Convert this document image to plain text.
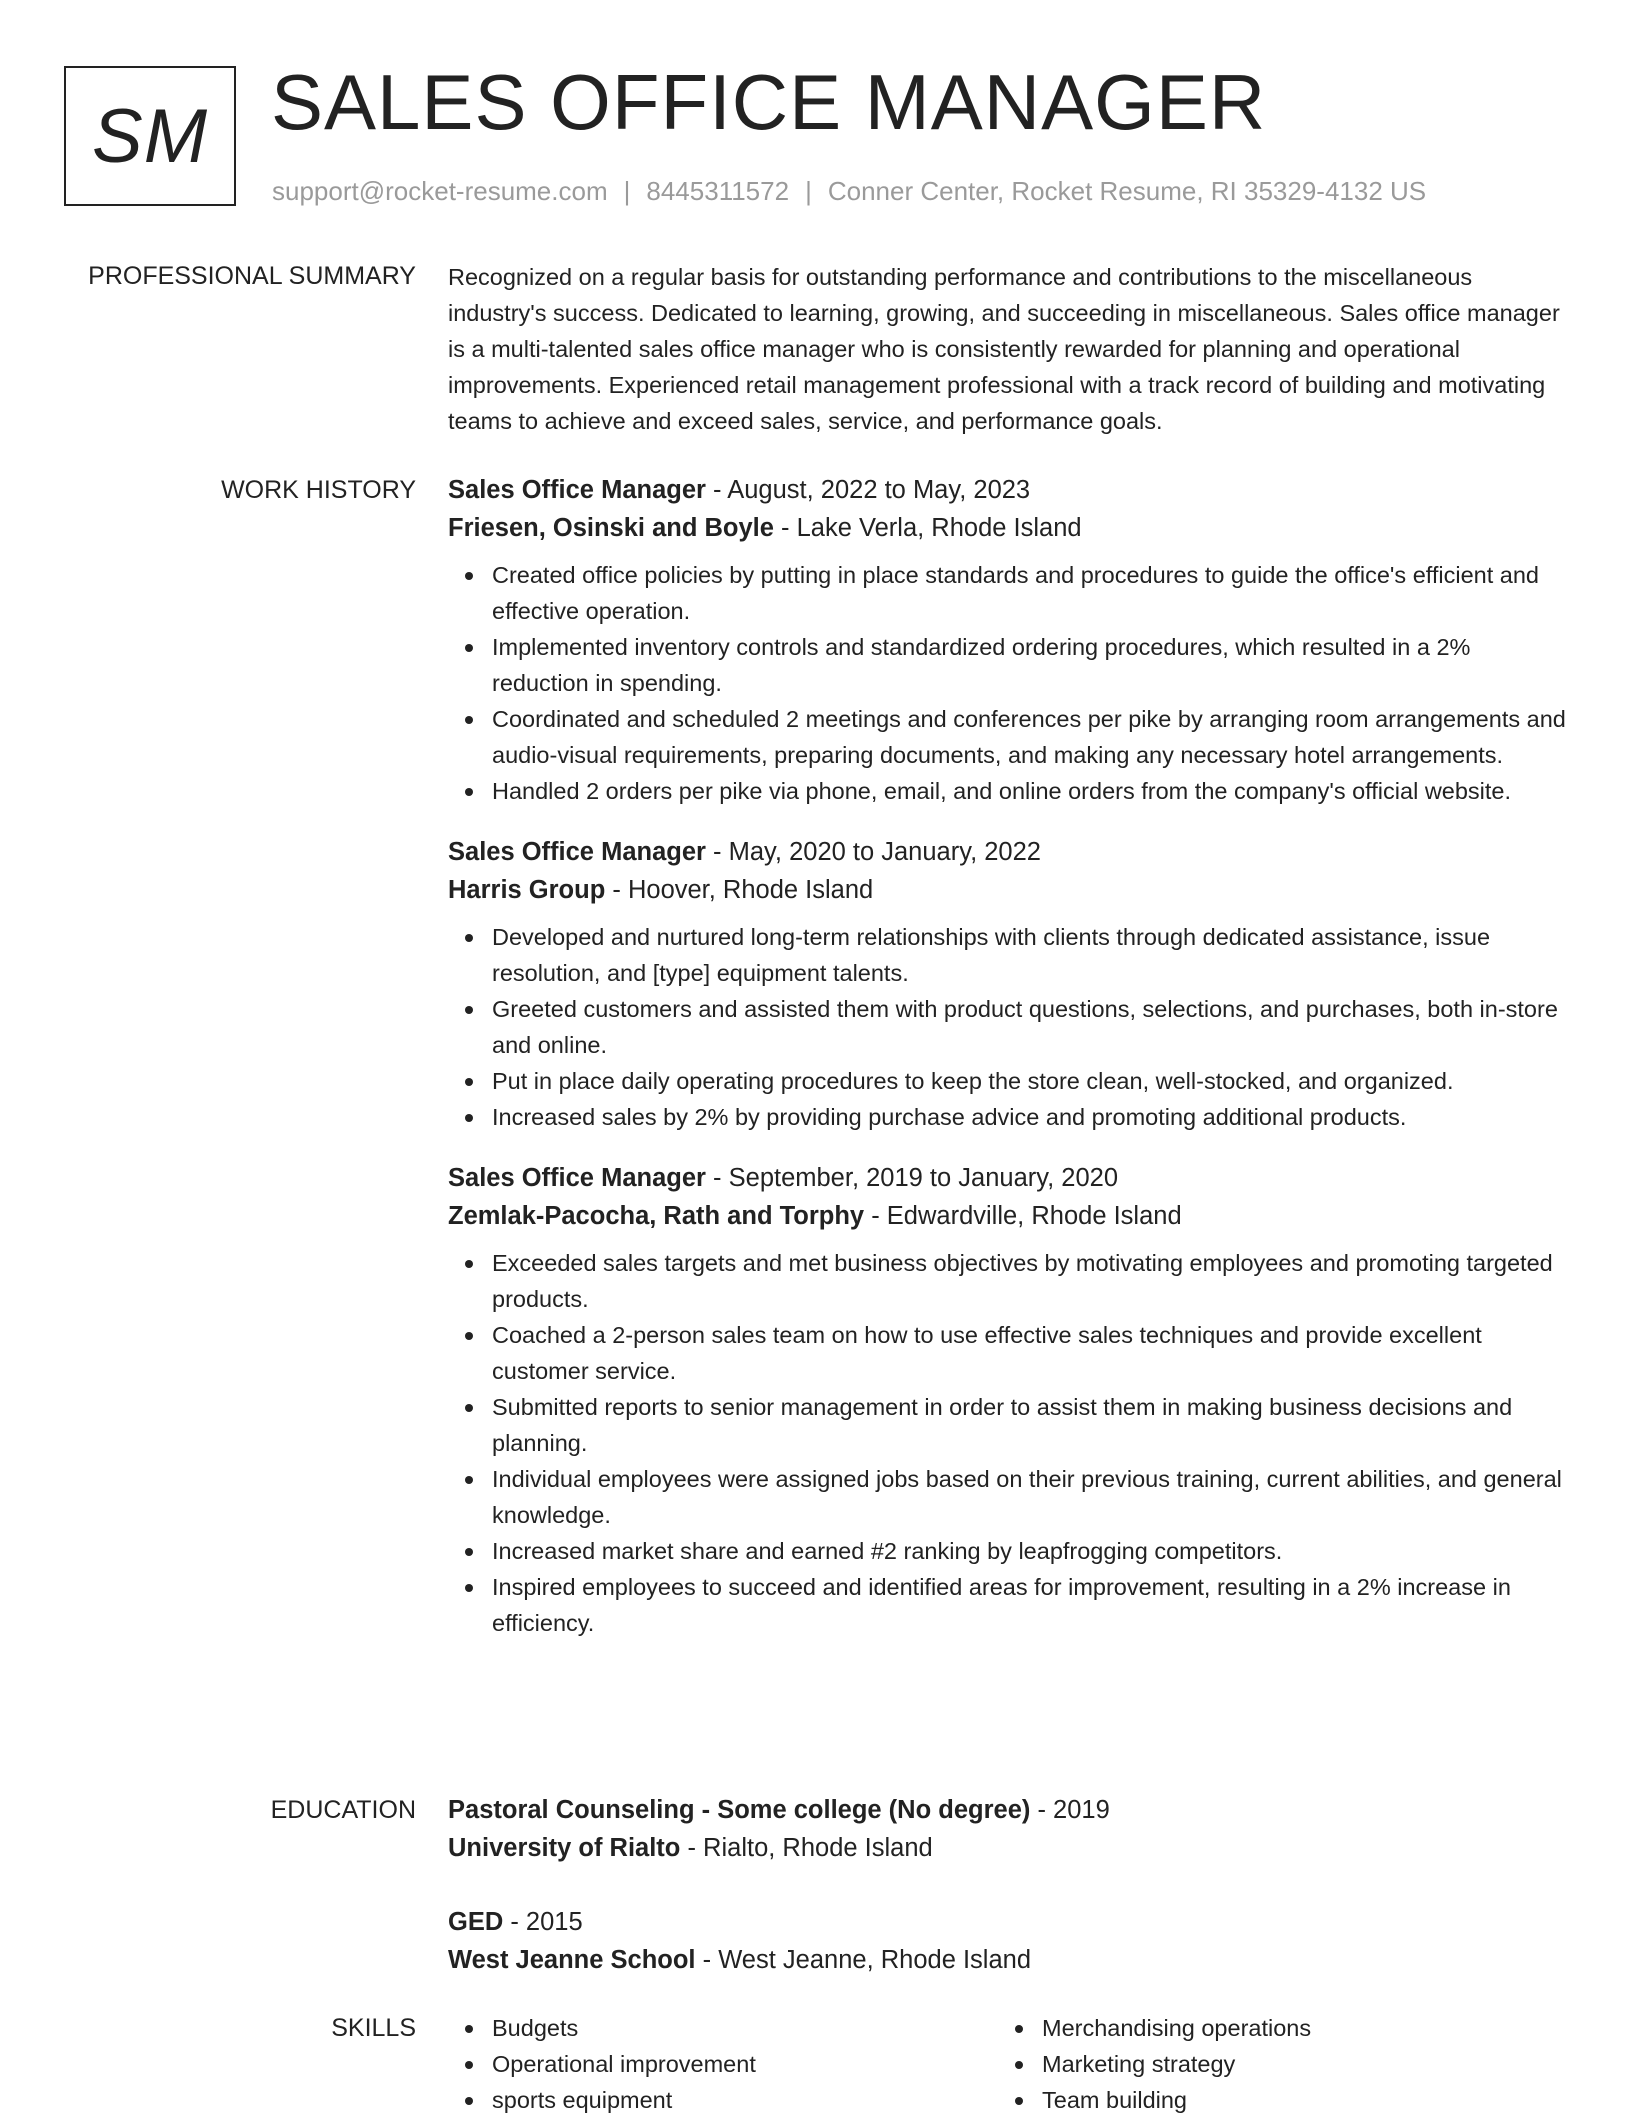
SM SALES OFFICE MANAGER
support@rocket-resume.com | 8445311572 | Conner Center, Rocket Resume, RI 35329-4132 US
PROFESSIONAL SUMMARY Recognized on a regular basis for outstanding performance and contributions to the miscellaneous industry's success. Dedicated to learning, growing, and succeeding in miscellaneous. Sales office manager is a multi-talented sales office manager who is consistently rewarded for planning and operational improvements. Experienced retail management professional with a track record of building and motivating teams to achieve and exceed sales, service, and performance goals.

WORK HISTORY Sales Office Manager - August, 2022 to May, 2023

Friesen, Osinski and Boyle - Lake Verla, Rhode Island

Created office policies by putting in place standards and procedures to guide the office's efficient and effective operation.
Implemented inventory controls and standardized ordering procedures, which resulted in a 2% reduction in spending.
Coordinated and scheduled 2 meetings and conferences per pike by arranging room arrangements and audio-visual requirements, preparing documents, and making any necessary hotel arrangements.
Handled 2 orders per pike via phone, email, and online orders from the company's official website.

Sales Office Manager - May, 2020 to January, 2022

Harris Group - Hoover, Rhode Island

Developed and nurtured long-term relationships with clients through dedicated assistance, issue resolution, and [type] equipment talents.
Greeted customers and assisted them with product questions, selections, and purchases, both in-store and online.
Put in place daily operating procedures to keep the store clean, well-stocked, and organized.
Increased sales by 2% by providing purchase advice and promoting additional products.

Sales Office Manager - September, 2019 to January, 2020

Zemlak-Pacocha, Rath and Torphy - Edwardville, Rhode Island

Exceeded sales targets and met business objectives by motivating employees and promoting targeted products.
Coached a 2-person sales team on how to use effective sales techniques and provide excellent customer service.
Submitted reports to senior management in order to assist them in making business decisions and planning.
Individual employees were assigned jobs based on their previous training, current abilities, and general knowledge.
Increased market share and earned #2 ranking by leapfrogging competitors.
Inspired employees to succeed and identified areas for improvement, resulting in a 2% increase in efficiency.
EDUCATION Pastoral Counseling - Some college (No degree) - 2019

University of Rialto - Rialto, Rhode Island

GED - 2015

West Jeanne School - West Jeanne, Rhode Island

SKILLS	Budgets
Operational improvement
sports equipment
Merchandising operations
Marketing strategy
Team building
